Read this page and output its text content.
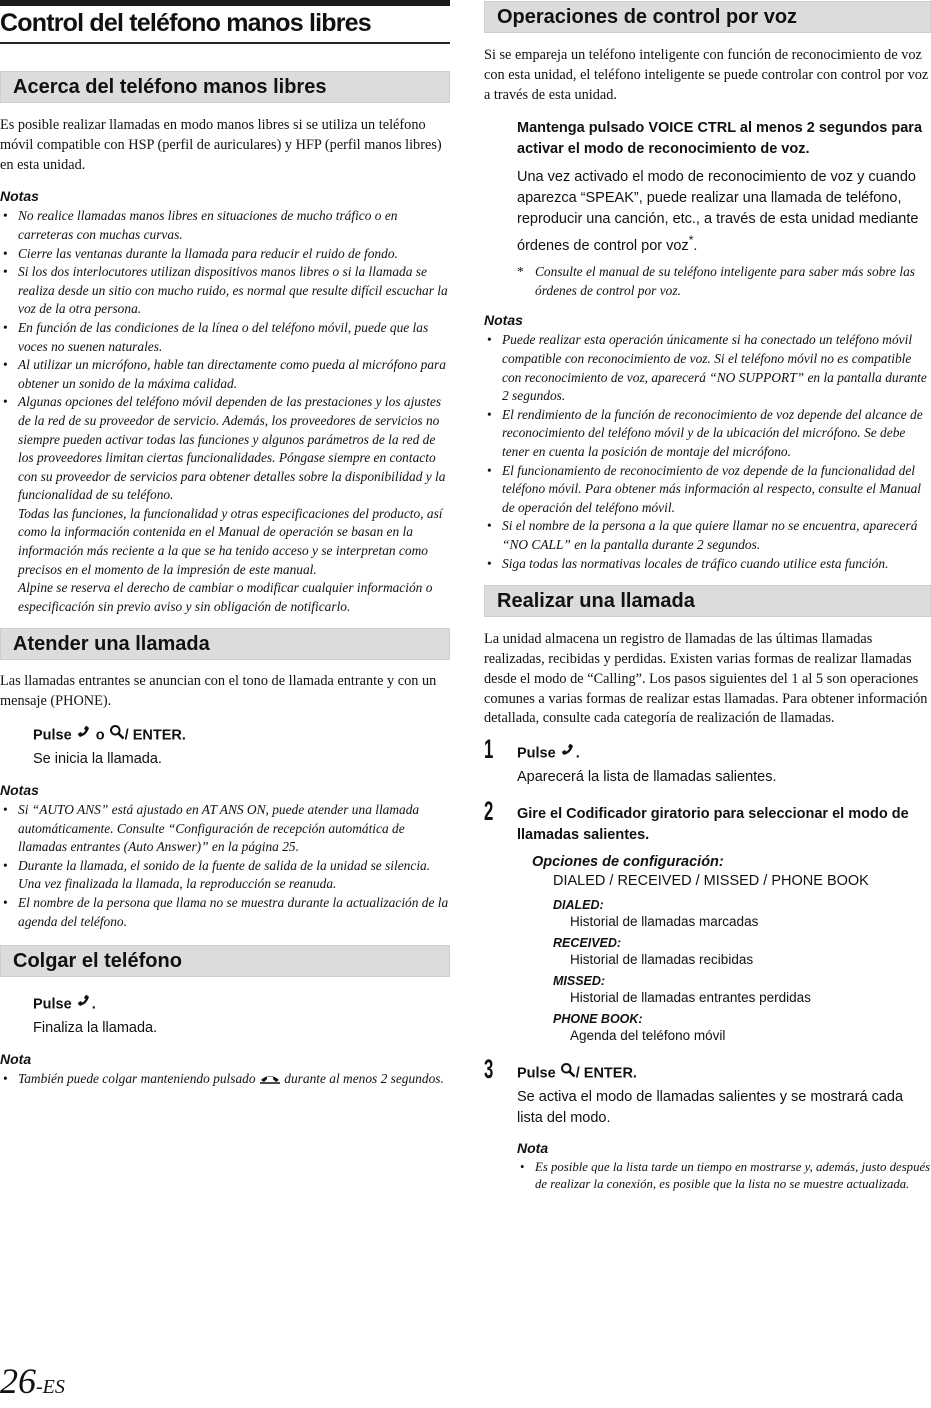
Control del teléfono manos libres
Acerca del teléfono manos libres

Es posible realizar llamadas en modo manos libres si se utiliza un teléfono móvil compatible con HSP (perfil de auriculares) y HFP (perfil manos libres) en esta unidad.

Notas

• No realice llamadas manos libres en situaciones de mucho tráfico o en carreteras con muchas curvas.
• Cierre las ventanas durante la llamada para reducir el ruido de fondo.
• Si los dos interlocutores utilizan dispositivos manos libres o si la llamada se realiza desde un sitio con mucho ruido, es normal que resulte difícil escuchar la voz de la otra persona.
• En función de las condiciones de la línea o del teléfono móvil, puede que las voces no suenen naturales.
• Al utilizar un micrófono, hable tan directamente como pueda al micrófono para obtener un sonido de la máxima calidad.
• Algunas opciones del teléfono móvil dependen de las prestaciones y los ajustes de la red de su proveedor de servicio. Además, los proveedores de servicios no siempre pueden activar todas las funciones y algunos parámetros de la red de los proveedores limitan ciertas funcionalidades. Póngase siempre en contacto con su proveedor de servicios para obtener detalles sobre la disponibilidad y la funcionalidad de su teléfono.
Todas las funciones, la funcionalidad y otras especificaciones del producto, así como la información contenida en el Manual de operación se basan en la información más reciente a la que se ha tenido acceso y se interpretan como precisos en el momento de la impresión de este manual.
Alpine se reserva el derecho de cambiar o modificar cualquier información o especificación sin previo aviso y sin obligación de notificarlo.
Atender una llamada

Las llamadas entrantes se anuncian con el tono de llamada entrante y con un mensaje (PHONE).

Pulse o / ENTER.
Se inicia la llamada.

Notas

• Si “AUTO ANS” está ajustado en AT ANS ON, puede atender una llamada automáticamente. Consulte “Configuración de recepción automática de llamadas entrantes (Auto Answer)” en la página 25.
• Durante la llamada, el sonido de la fuente de salida de la unidad se silencia. Una vez finalizada la llamada, la reproducción se reanuda.
• El nombre de la persona que llama no se muestra durante la actualización de la agenda del teléfono.
Colgar el teléfono
Pulse .
Finaliza la llamada.

Nota

• También puede colgar manteniendo pulsado durante al menos 2 segundos.
Operaciones de control por voz

Si se empareja un teléfono inteligente con función de reconocimiento de voz con esta unidad, el teléfono inteligente se puede controlar con control por voz a través de esta unidad.

Mantenga pulsado VOICE CTRL al menos 2 segundos para activar el modo de reconocimiento de voz.
Una vez activado el modo de reconocimiento de voz y cuando aparezca “SPEAK”, puede realizar una llamada de teléfono, reproducir una canción, etc., a través de esta unidad mediante órdenes de control por voz*.
* Consulte el manual de su teléfono inteligente para saber más sobre las órdenes de control por voz.

Notas

• Puede realizar esta operación únicamente si ha conectado un teléfono móvil compatible con reconocimiento de voz. Si el teléfono móvil no es compatible con reconocimiento de voz, aparecerá “NO SUPPORT” en la pantalla durante 2 segundos.
• El rendimiento de la función de reconocimiento de voz depende del alcance de reconocimiento del teléfono móvil y de la ubicación del micrófono. Se debe tener en cuenta la posición de montaje del micrófono.
• El funcionamiento de reconocimiento de voz depende de la funcionalidad del teléfono móvil. Para obtener más información al respecto, consulte el Manual de operación del teléfono móvil.
• Si el nombre de la persona a la que quiere llamar no se encuentra, aparecerá “NO CALL” en la pantalla durante 2 segundos.
• Siga todas las normativas locales de tráfico cuando utilice esta función.
Realizar una llamada

La unidad almacena un registro de llamadas de las últimas llamadas realizadas, recibidas y perdidas. Existen varias formas de realizar llamadas desde el modo de “Calling”. Los pasos siguientes del 1 al 5 son operaciones comunes a varias formas de realizar estas llamadas. Para obtener información detallada, consulte cada categoría de realización de llamadas.

1 Pulse .
Aparecerá la lista de llamadas salientes.
2 Gire el Codificador giratorio para seleccionar el modo de llamadas salientes.
Opciones de configuración:
DIALED / RECEIVED / MISSED / PHONE BOOK
DIALED:
Historial de llamadas marcadas
RECEIVED:
Historial de llamadas recibidas
MISSED:
Historial de llamadas entrantes perdidas
PHONE BOOK:
Agenda del teléfono móvil
3 Pulse / ENTER.
Se activa el modo de llamadas salientes y se mostrará cada lista del modo.

Nota

• Es posible que la lista tarde un tiempo en mostrarse y, además, justo después de realizar la conexión, es posible que la lista no se muestre actualizada.
26-ES
